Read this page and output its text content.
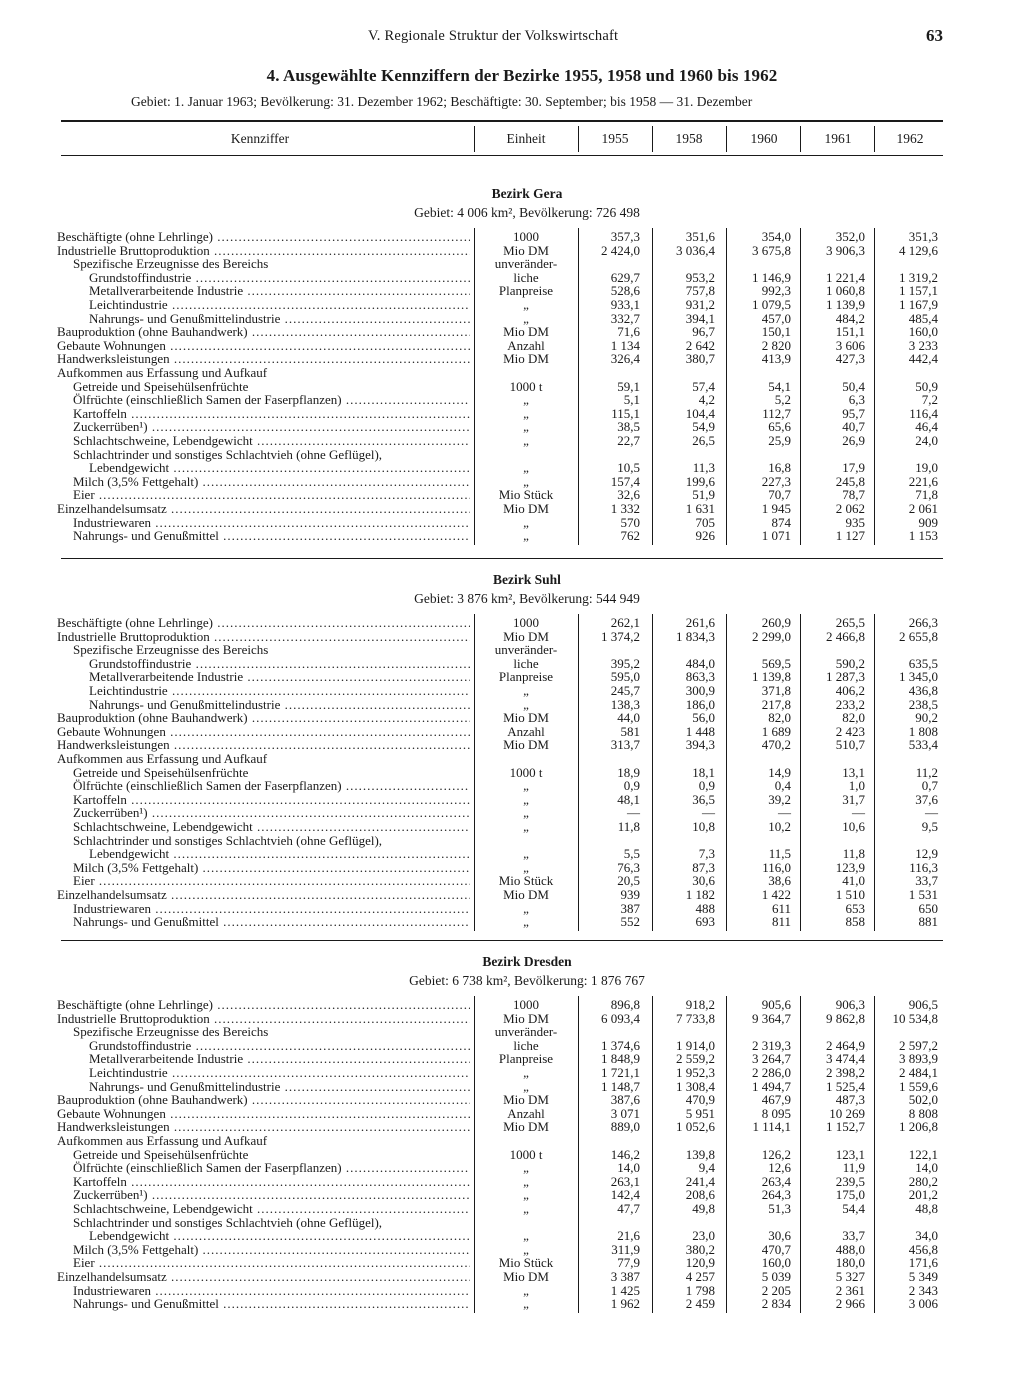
V. Regionale Struktur der Volkswirtschaft	63
4. Ausgewählte Kennziffern der Bezirke 1955, 1958 und 1960 bis 1962
Gebiet: 1. Januar 1963; Bevölkerung: 31. Dezember 1962; Beschäftigte: 30. September; bis 1958 — 31. Dezember
Kennziffer	Einheit	1955	1958	1960	1961	1962
Bezirk Gera
Gebiet: 4 006 km², Bevölkerung: 726 498
Beschäftigte (ohne Lehrlinge) .....	1000	357,3	351,6	354,0	352,0	351,3
Industrielle Bruttoproduktion .....	Mio DM	2 424,0	3 036,4	3 675,8	3 906,3	4 129,6
Spezifische Erzeugnisse des Bereichs	unveränder-
Grundstoffindustrie .....	liche	629,7	953,2	1 146,9	1 221,4	1 319,2
Metallverarbeitende Industrie .....	Planpreise	528,6	757,8	992,3	1 060,8	1 157,1
Leichtindustrie .....	„	933,1	931,2	1 079,5	1 139,9	1 167,9
Nahrungs- und Genußmittelindustrie .....	„	332,7	394,1	457,0	484,2	485,4
Bauproduktion (ohne Bauhandwerk) .....	Mio DM	71,6	96,7	150,1	151,1	160,0
Gebaute Wohnungen .....	Anzahl	1 134	2 642	2 820	3 606	3 233
Handwerksleistungen .....	Mio DM	326,4	380,7	413,9	427,3	442,4
Aufkommen aus Erfassung und Aufkauf
Getreide und Speisehülsenfrüchte	1000 t	59,1	57,4	54,1	50,4	50,9
Ölfrüchte (einschließlich Samen der Faserpflanzen) .....	„	5,1	4,2	5,2	6,3	7,2
Kartoffeln .....	„	115,1	104,4	112,7	95,7	116,4
Zuckerrüben¹) .....	„	38,5	54,9	65,6	40,7	46,4
Schlachtschweine, Lebendgewicht .....	„	22,7	26,5	25,9	26,9	24,0
Schlachtrinder und sonstiges Schlachtvieh (ohne Geflügel),
Lebendgewicht .....	„	10,5	11,3	16,8	17,9	19,0
Milch (3,5% Fettgehalt) .....	„	157,4	199,6	227,3	245,8	221,6
Eier .....	Mio Stück	32,6	51,9	70,7	78,7	71,8
Einzelhandelsumsatz .....	Mio DM	1 332	1 631	1 945	2 062	2 061
Industriewaren .....	„	570	705	874	935	909
Nahrungs- und Genußmittel .....	„	762	926	1 071	1 127	1 153
Bezirk Suhl
Gebiet: 3 876 km², Bevölkerung: 544 949
Beschäftigte (ohne Lehrlinge) .....	1000	262,1	261,6	260,9	265,5	266,3
Industrielle Bruttoproduktion .....	Mio DM	1 374,2	1 834,3	2 299,0	2 466,8	2 655,8
Spezifische Erzeugnisse des Bereichs	unveränder-
Grundstoffindustrie .....	liche	395,2	484,0	569,5	590,2	635,5
Metallverarbeitende Industrie .....	Planpreise	595,0	863,3	1 139,8	1 287,3	1 345,0
Leichtindustrie .....	„	245,7	300,9	371,8	406,2	436,8
Nahrungs- und Genußmittelindustrie .....	„	138,3	186,0	217,8	233,2	238,5
Bauproduktion (ohne Bauhandwerk) .....	Mio DM	44,0	56,0	82,0	82,0	90,2
Gebaute Wohnungen .....	Anzahl	581	1 448	1 689	2 423	1 808
Handwerksleistungen .....	Mio DM	313,7	394,3	470,2	510,7	533,4
Aufkommen aus Erfassung und Aufkauf
Getreide und Speisehülsenfrüchte	1000 t	18,9	18,1	14,9	13,1	11,2
Ölfrüchte (einschließlich Samen der Faserpflanzen) .....	„	0,9	0,9	0,4	1,0	0,7
Kartoffeln .....	„	48,1	36,5	39,2	31,7	37,6
Zuckerrüben¹) .....	„	—	—	—	—	—
Schlachtschweine, Lebendgewicht .....	„	11,8	10,8	10,2	10,6	9,5
Schlachtrinder und sonstiges Schlachtvieh (ohne Geflügel),
Lebendgewicht .....	„	5,5	7,3	11,5	11,8	12,9
Milch (3,5% Fettgehalt) .....	„	76,3	87,3	116,0	123,9	116,3
Eier .....	Mio Stück	20,5	30,6	38,6	41,0	33,7
Einzelhandelsumsatz .....	Mio DM	939	1 182	1 422	1 510	1 531
Industriewaren .....	„	387	488	611	653	650
Nahrungs- und Genußmittel .....	„	552	693	811	858	881
Bezirk Dresden
Gebiet: 6 738 km², Bevölkerung: 1 876 767
Beschäftigte (ohne Lehrlinge) .....	1000	896,8	918,2	905,6	906,3	906,5
Industrielle Bruttoproduktion .....	Mio DM	6 093,4	7 733,8	9 364,7	9 862,8	10 534,8
Spezifische Erzeugnisse des Bereichs	unveränder-
Grundstoffindustrie .....	liche	1 374,6	1 914,0	2 319,3	2 464,9	2 597,2
Metallverarbeitende Industrie .....	Planpreise	1 848,9	2 559,2	3 264,7	3 474,4	3 893,9
Leichtindustrie .....	„	1 721,1	1 952,3	2 286,0	2 398,2	2 484,1
Nahrungs- und Genußmittelindustrie .....	„	1 148,7	1 308,4	1 494,7	1 525,4	1 559,6
Bauproduktion (ohne Bauhandwerk) .....	Mio DM	387,6	470,9	467,9	487,3	502,0
Gebaute Wohnungen .....	Anzahl	3 071	5 951	8 095	10 269	8 808
Handwerksleistungen .....	Mio DM	889,0	1 052,6	1 114,1	1 152,7	1 206,8
Aufkommen aus Erfassung und Aufkauf
Getreide und Speisehülsenfrüchte	1000 t	146,2	139,8	126,2	123,1	122,1
Ölfrüchte (einschließlich Samen der Faserpflanzen) .....	„	14,0	9,4	12,6	11,9	14,0
Kartoffeln .....	„	263,1	241,4	263,4	239,5	280,2
Zuckerrüben¹) .....	„	142,4	208,6	264,3	175,0	201,2
Schlachtschweine, Lebendgewicht .....	„	47,7	49,8	51,3	54,4	48,8
Schlachtrinder und sonstiges Schlachtvieh (ohne Geflügel),
Lebendgewicht .....	„	21,6	23,0	30,6	33,7	34,0
Milch (3,5% Fettgehalt) .....	„	311,9	380,2	470,7	488,0	456,8
Eier .....	Mio Stück	77,9	120,9	160,0	180,0	171,6
Einzelhandelsumsatz .....	Mio DM	3 387	4 257	5 039	5 327	5 349
Industriewaren .....	„	1 425	1 798	2 205	2 361	2 343
Nahrungs- und Genußmittel .....	„	1 962	2 459	2 834	2 966	3 006
